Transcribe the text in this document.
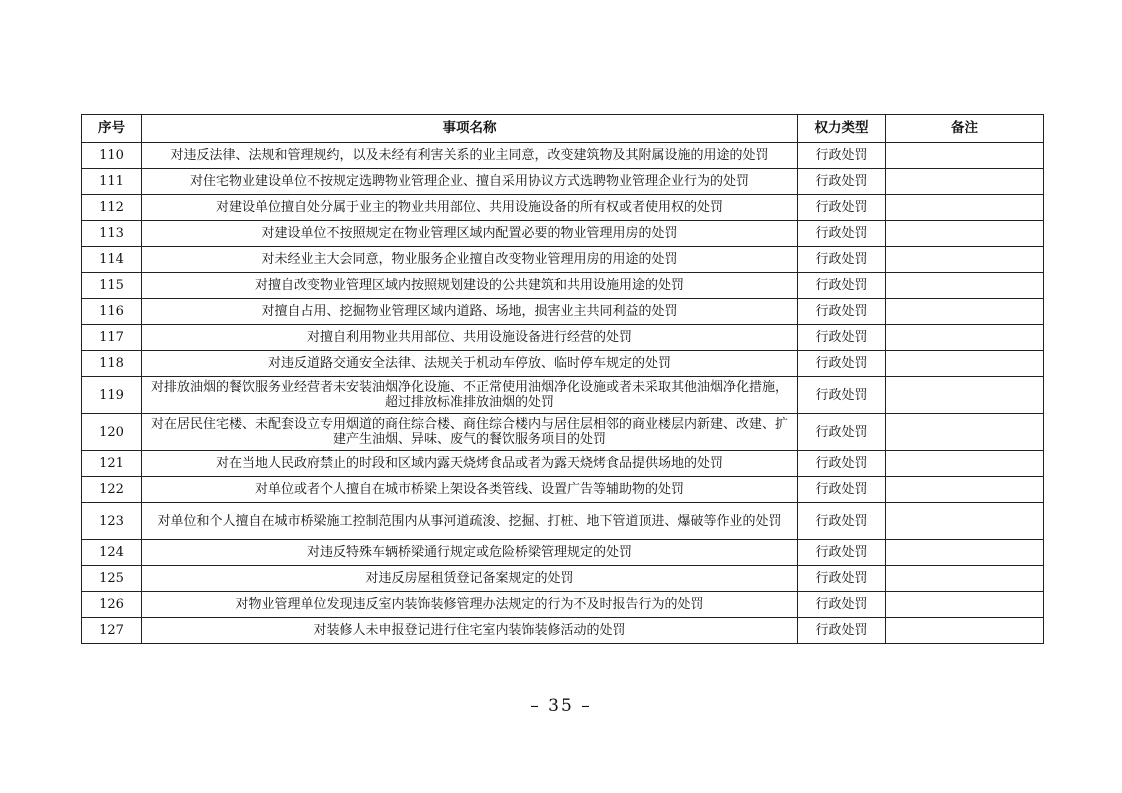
序号	事项名称	权力类型	备注
110	对违反法律、法规和管理规约，以及未经有利害关系的业主同意，改变建筑物及其附属设施的用途的处罚	行政处罚	
111	对住宅物业建设单位不按规定选聘物业管理企业、擅自采用协议方式选聘物业管理企业行为的处罚	行政处罚	
112	对建设单位擅自处分属于业主的物业共用部位、共用设施设备的所有权或者使用权的处罚	行政处罚	
113	对建设单位不按照规定在物业管理区域内配置必要的物业管理用房的处罚	行政处罚	
114	对未经业主大会同意，物业服务企业擅自改变物业管理用房的用途的处罚	行政处罚	
115	对擅自改变物业管理区域内按照规划建设的公共建筑和共用设施用途的处罚	行政处罚	
116	对擅自占用、挖掘物业管理区域内道路、场地，损害业主共同利益的处罚	行政处罚	
117	对擅自利用物业共用部位、共用设施设备进行经营的处罚	行政处罚	
118	对违反道路交通安全法律、法规关于机动车停放、临时停车规定的处罚	行政处罚	
119	对排放油烟的餐饮服务业经营者未安装油烟净化设施、不正常使用油烟净化设施或者未采取其他油烟净化措施，超过排放标准排放油烟的处罚	行政处罚	
120	对在居民住宅楼、未配套设立专用烟道的商住综合楼、商住综合楼内与居住层相邻的商业楼层内新建、改建、扩建产生油烟、异味、废气的餐饮服务项目的处罚	行政处罚	
121	对在当地人民政府禁止的时段和区域内露天烧烤食品或者为露天烧烤食品提供场地的处罚	行政处罚	
122	对单位或者个人擅自在城市桥梁上架设各类管线、设置广告等辅助物的处罚	行政处罚	
123	对单位和个人擅自在城市桥梁施工控制范围内从事河道疏浚、挖掘、打桩、地下管道顶进、爆破等作业的处罚	行政处罚	
124	对违反特殊车辆桥梁通行规定或危险桥梁管理规定的处罚	行政处罚	
125	对违反房屋租赁登记备案规定的处罚	行政处罚	
126	对物业管理单位发现违反室内装饰装修管理办法规定的行为不及时报告行为的处罚	行政处罚	
127	对装修人未申报登记进行住宅室内装饰装修活动的处罚	行政处罚	
– 35 –
